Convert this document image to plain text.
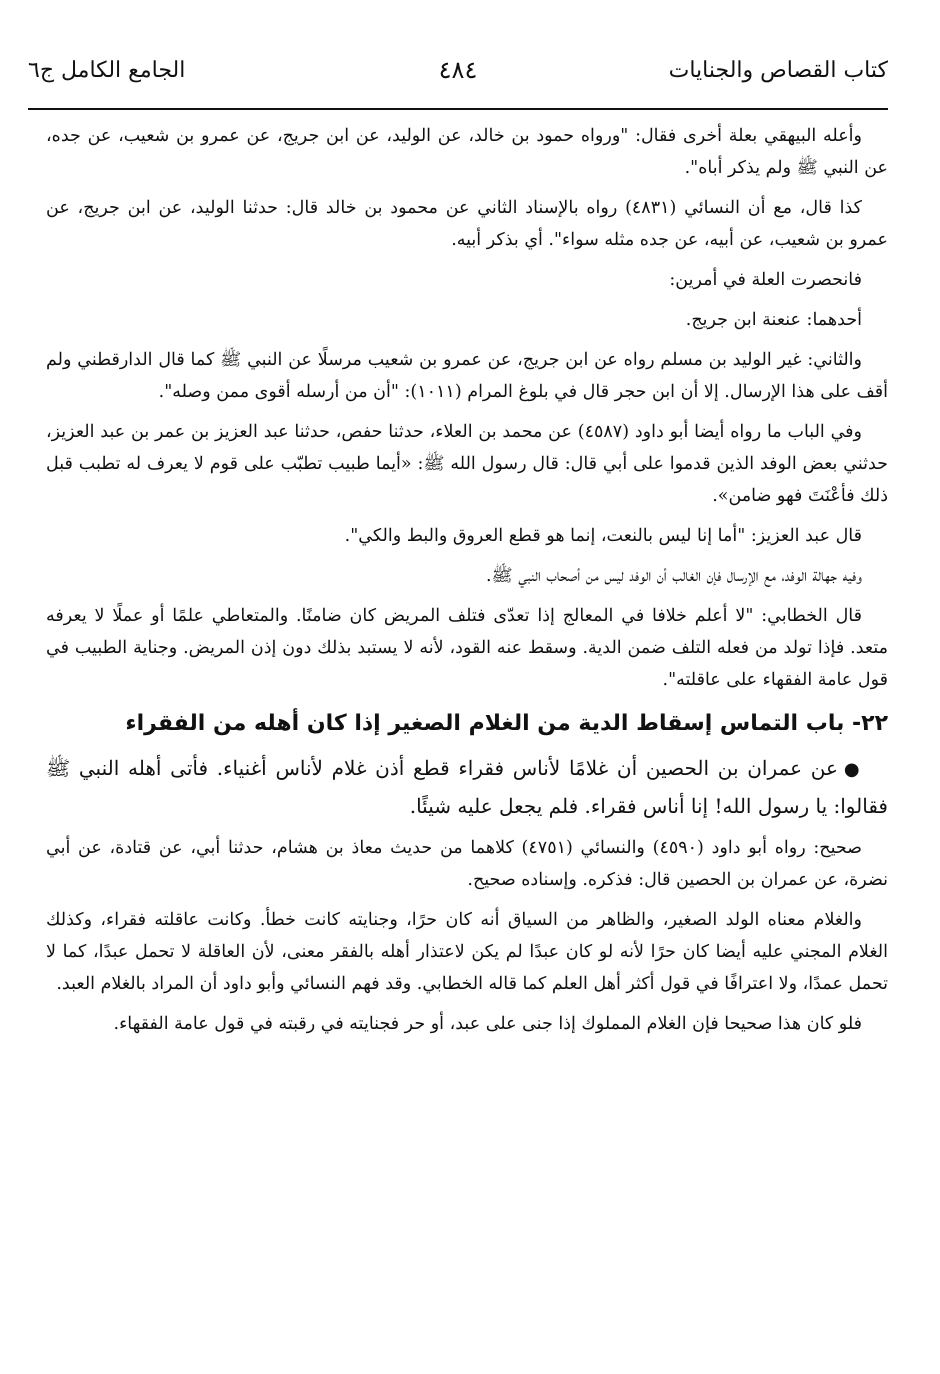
كتاب القصاص والجنايات
٤٨٤
الجامع الكامل ج٦

وأعله البيهقي بعلة أخرى فقال: "ورواه حمود بن خالد، عن الوليد، عن ابن جريج، عن عمرو بن شعيب، عن جده، عن النبي ﷺ ولم يذكر أباه".

كذا قال، مع أن النسائي (٤٨٣١) رواه بالإسناد الثاني عن محمود بن خالد قال: حدثنا الوليد، عن ابن جريج، عن عمرو بن شعيب، عن أبيه، عن جده مثله سواء". أي بذكر أبيه.

فانحصرت العلة في أمرين:

أحدهما: عنعنة ابن جريج.

والثاني: غير الوليد بن مسلم رواه عن ابن جريج، عن عمرو بن شعيب مرسلًا عن النبي ﷺ كما قال الدارقطني ولم أقف على هذا الإرسال. إلا أن ابن حجر قال في بلوغ المرام (١٠١١): "أن من أرسله أقوى ممن وصله".

وفي الباب ما رواه أيضا أبو داود (٤٥٨٧) عن محمد بن العلاء، حدثنا حفص، حدثنا عبد العزيز بن عمر بن عبد العزيز، حدثني بعض الوفد الذين قدموا على أبي قال: قال رسول الله ﷺ: «أيما طبيب تطبّب على قوم لا يعرف له تطبب قبل ذلك فأعْنَتَ فهو ضامن».

قال عبد العزيز: "أما إنا ليس بالنعت، إنما هو قطع العروق والبط والكي".

وفيه جهالة الوفد، مع الإرسال فإن الغالب أن الوفد ليس من أصحاب النبي ﷺ.

قال الخطابي: "لا أعلم خلافا في المعالج إذا تعدّى فتلف المريض كان ضامنًا. والمتعاطي علمًا أو عملًا لا يعرفه متعد. فإذا تولد من فعله التلف ضمن الدية. وسقط عنه القود، لأنه لا يستبد بذلك دون إذن المريض. وجناية الطبيب في قول عامة الفقهاء على عاقلته".

٢٢- باب التماس إسقاط الدية من الغلام الصغير إذا كان أهله من الفقراء

●عن عمران بن الحصين أن غلامًا لأناس فقراء قطع أذن غلام لأناس أغنياء. فأتى أهله النبي ﷺ فقالوا: يا رسول الله! إنا أناس فقراء. فلم يجعل عليه شيئًا.

صحيح: رواه أبو داود (٤٥٩٠) والنسائي (٤٧٥١) كلاهما من حديث معاذ بن هشام، حدثنا أبي، عن قتادة، عن أبي نضرة، عن عمران بن الحصين قال: فذكره. وإسناده صحيح.

والغلام معناه الولد الصغير، والظاهر من السياق أنه كان حرًا، وجنايته كانت خطأ. وكانت عاقلته فقراء، وكذلك الغلام المجني عليه أيضا كان حرًا لأنه لو كان عبدًا لم يكن لاعتذار أهله بالفقر معنى، لأن العاقلة لا تحمل عبدًا، كما لا تحمل عمدًا، ولا اعترافًا في قول أكثر أهل العلم كما قاله الخطابي. وقد فهم النسائي وأبو داود أن المراد بالغلام العبد.

فلو كان هذا صحيحا فإن الغلام المملوك إذا جنى على عبد، أو حر فجنايته في رقبته في قول عامة الفقهاء.
